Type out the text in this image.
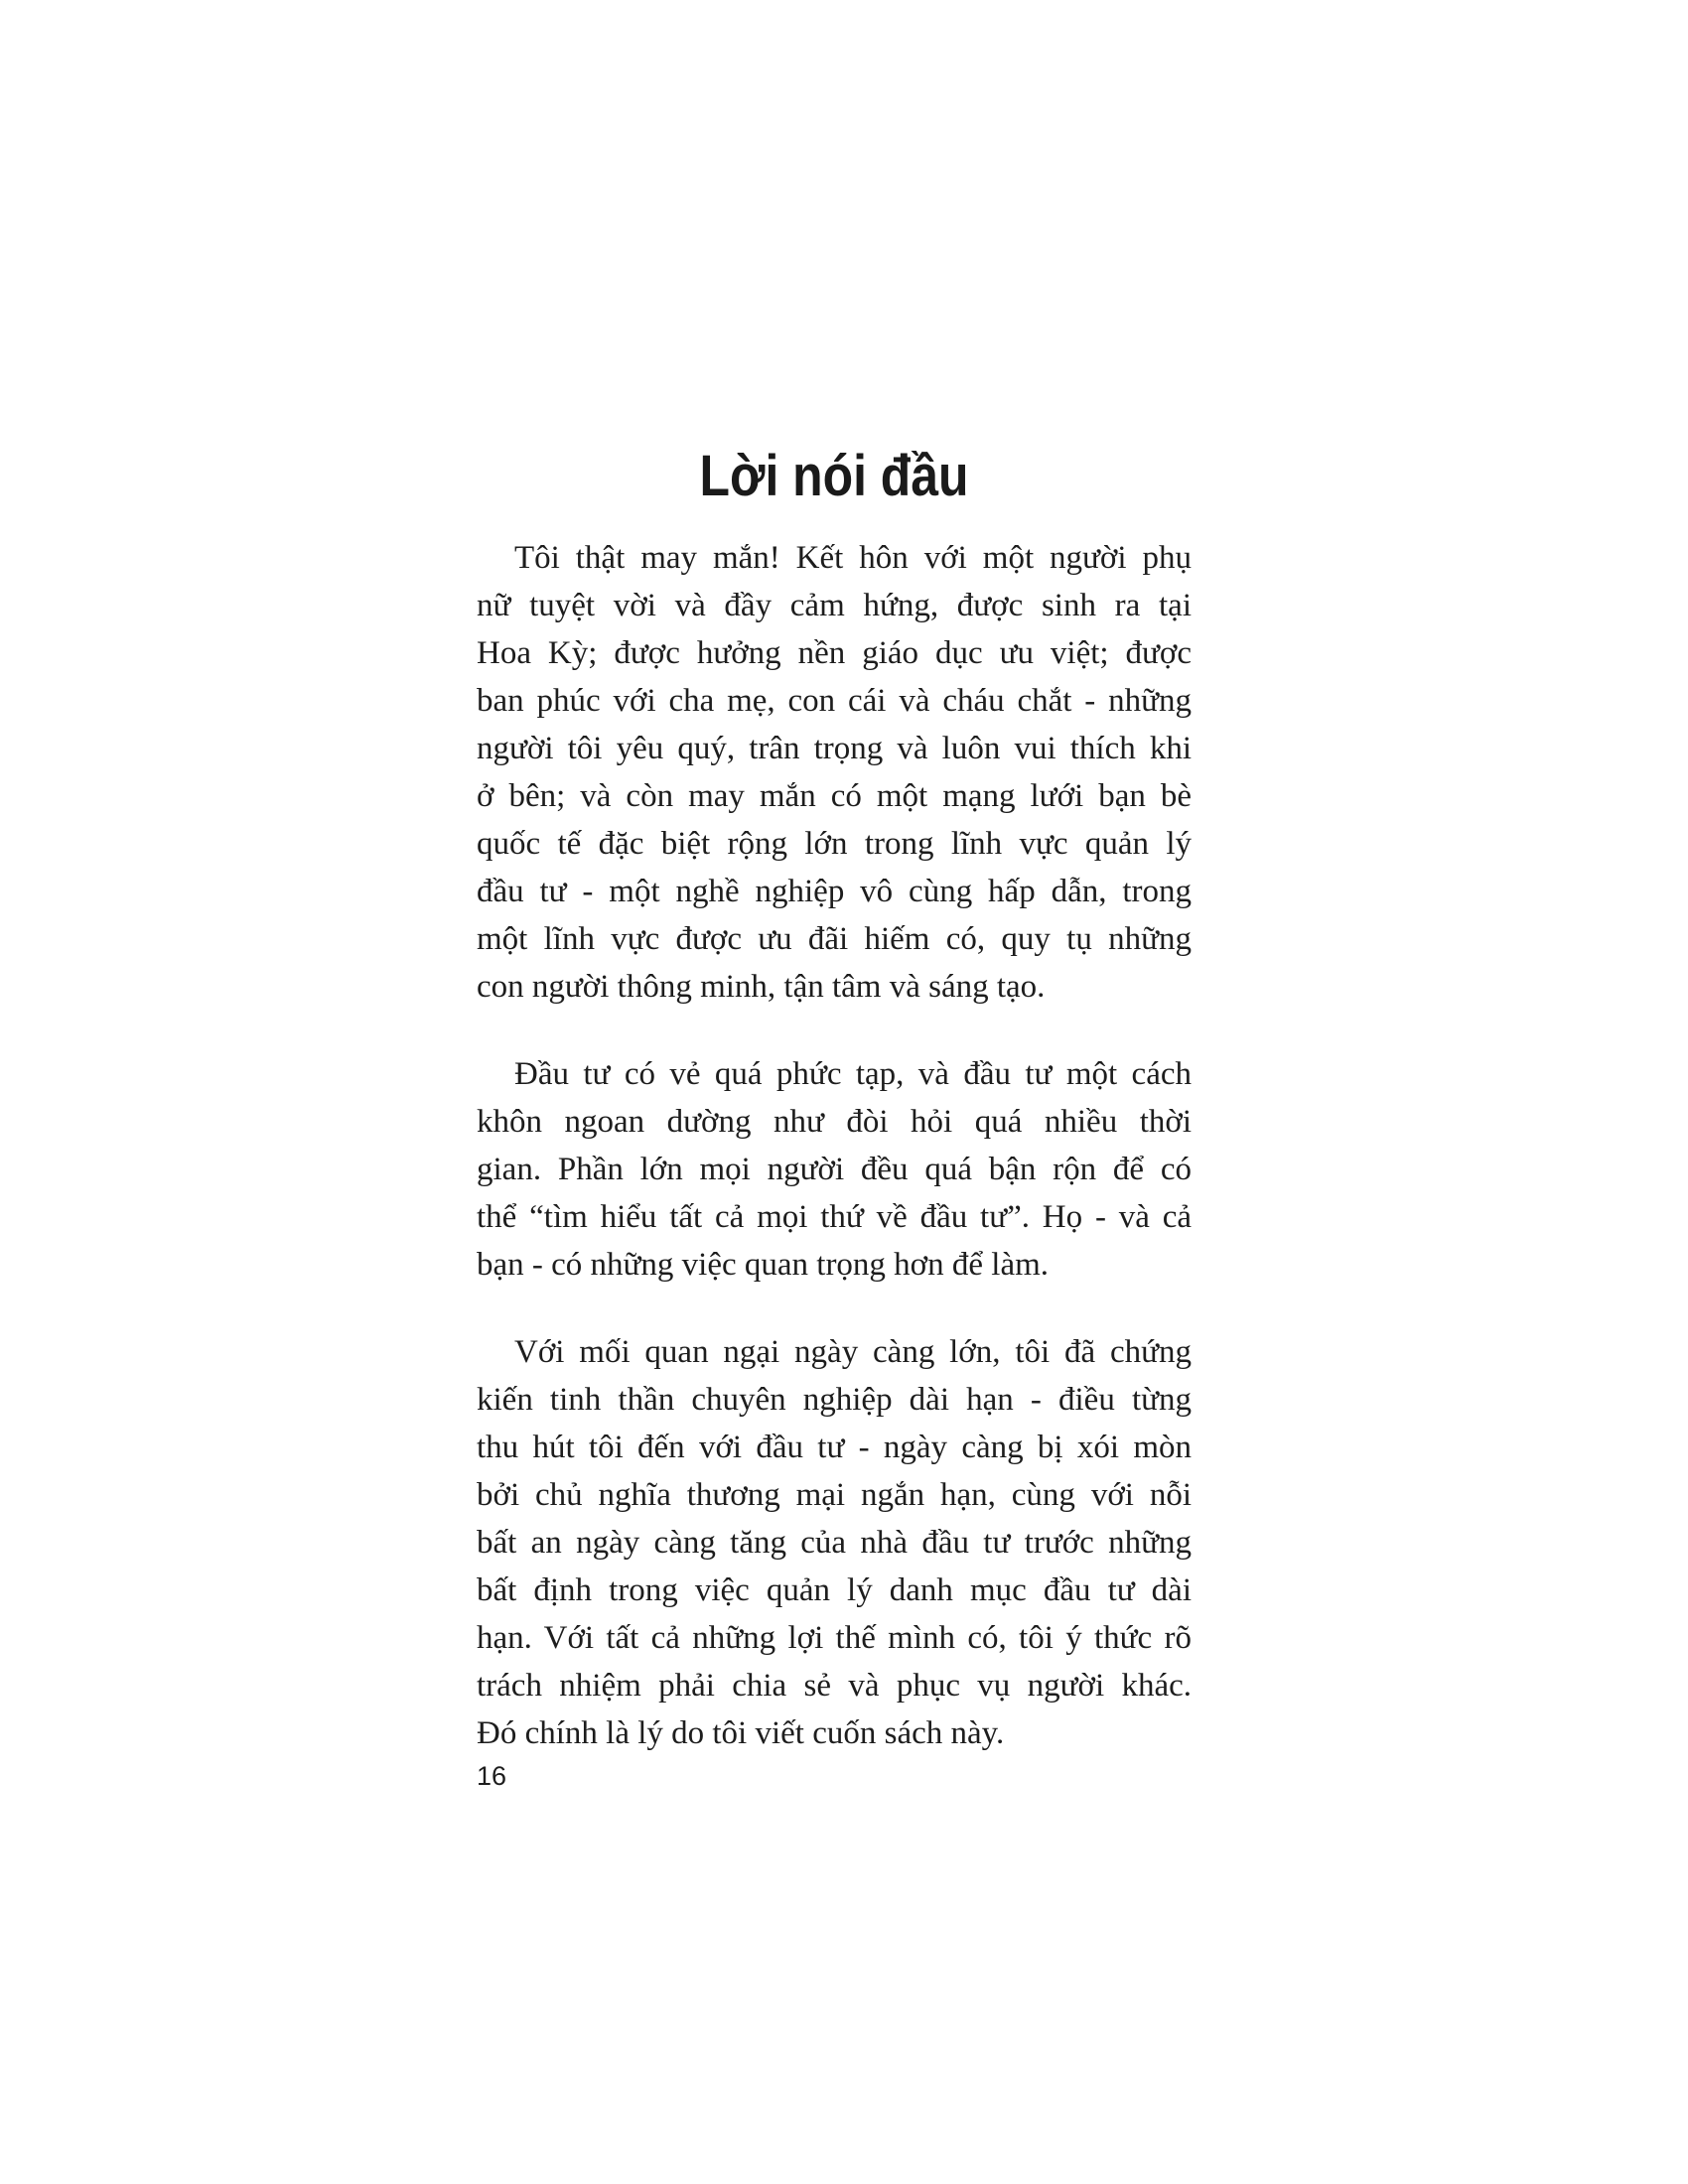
Lời nói đầu

Tôi thật may mắn! Kết hôn với một người phụ
nữ tuyệt vời và đầy cảm hứng, được sinh ra tại
Hoa Kỳ; được hưởng nền giáo dục ưu việt; được
ban phúc với cha mẹ, con cái và cháu chắt - những
người tôi yêu quý, trân trọng và luôn vui thích khi
ở bên; và còn may mắn có một mạng lưới bạn bè
quốc tế đặc biệt rộng lớn trong lĩnh vực quản lý
đầu tư - một nghề nghiệp vô cùng hấp dẫn, trong
một lĩnh vực được ưu đãi hiếm có, quy tụ những
con người thông minh, tận tâm và sáng tạo.

Đầu tư có vẻ quá phức tạp, và đầu tư một cách
khôn ngoan dường như đòi hỏi quá nhiều thời
gian. Phần lớn mọi người đều quá bận rộn để có
thể “tìm hiểu tất cả mọi thứ về đầu tư”. Họ - và cả
bạn - có những việc quan trọng hơn để làm.

Với mối quan ngại ngày càng lớn, tôi đã chứng
kiến tinh thần chuyên nghiệp dài hạn - điều từng
thu hút tôi đến với đầu tư - ngày càng bị xói mòn
bởi chủ nghĩa thương mại ngắn hạn, cùng với nỗi
bất an ngày càng tăng của nhà đầu tư trước những
bất định trong việc quản lý danh mục đầu tư dài
hạn. Với tất cả những lợi thế mình có, tôi ý thức rõ
trách nhiệm phải chia sẻ và phục vụ người khác.
Đó chính là lý do tôi viết cuốn sách này.

16
